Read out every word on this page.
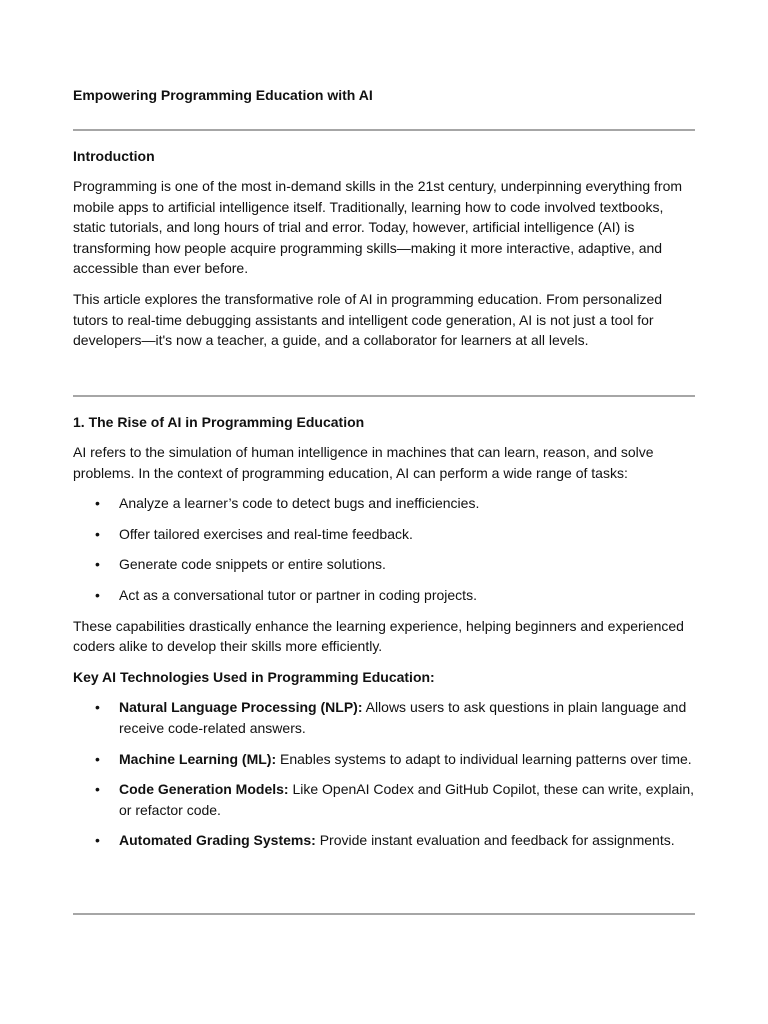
Empowering Programming Education with AI
Introduction

Programming is one of the most in-demand skills in the 21st century, underpinning everything from mobile apps to artificial intelligence itself. Traditionally, learning how to code involved textbooks, static tutorials, and long hours of trial and error. Today, however, artificial intelligence (AI) is transforming how people acquire programming skills—making it more interactive, adaptive, and accessible than ever before.

This article explores the transformative role of AI in programming education. From personalized tutors to real-time debugging assistants and intelligent code generation, AI is not just a tool for developers—it's now a teacher, a guide, and a collaborator for learners at all levels.

1. The Rise of AI in Programming Education

AI refers to the simulation of human intelligence in machines that can learn, reason, and solve problems. In the context of programming education, AI can perform a wide range of tasks:

• Analyze a learner’s code to detect bugs and inefficiencies.
• Offer tailored exercises and real-time feedback.
• Generate code snippets or entire solutions.
• Act as a conversational tutor or partner in coding projects.

These capabilities drastically enhance the learning experience, helping beginners and experienced coders alike to develop their skills more efficiently.

Key AI Technologies Used in Programming Education:

• Natural Language Processing (NLP): Allows users to ask questions in plain language and receive code-related answers.
• Machine Learning (ML): Enables systems to adapt to individual learning patterns over time.
• Code Generation Models: Like OpenAI Codex and GitHub Copilot, these can write, explain, or refactor code.
• Automated Grading Systems: Provide instant evaluation and feedback for assignments.
